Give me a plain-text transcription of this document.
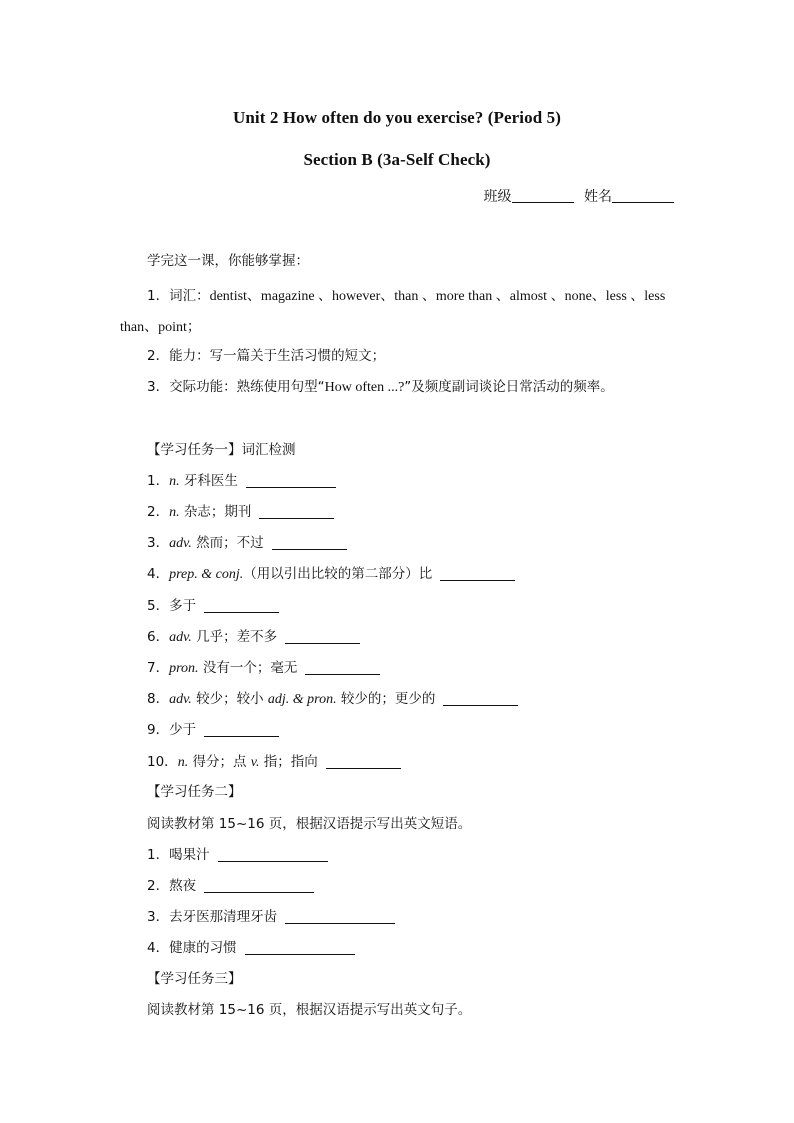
Unit 2 How often do you exercise? (Period 5)
Section B (3a-Self Check)
班级	姓名
学完这一课，你能够掌握：
1．词汇：dentist、magazine 、however、than 、more than 、almost 、none、less 、less than、point；
2．能力：写一篇关于生活习惯的短文；
3．交际功能：熟练使用句型“How often ...?”及频度副词谈论日常活动的频率。
【学习任务一】词汇检测
1．n. 牙科医生
2．n. 杂志；期刊
3．adv. 然而；不过
4．prep. & conj.（用以引出比较的第二部分）比
5．多于
6．adv. 几乎；差不多
7．pron. 没有一个；毫无
8．adv. 较少；较小 adj. & pron. 较少的；更少的
9．少于
10．n. 得分；点 v. 指；指向
【学习任务二】
阅读教材第 15~16 页，根据汉语提示写出英文短语。
1．喝果汁
2．熬夜
3．去牙医那清理牙齿
4．健康的习惯
【学习任务三】
阅读教材第 15~16 页，根据汉语提示写出英文句子。
